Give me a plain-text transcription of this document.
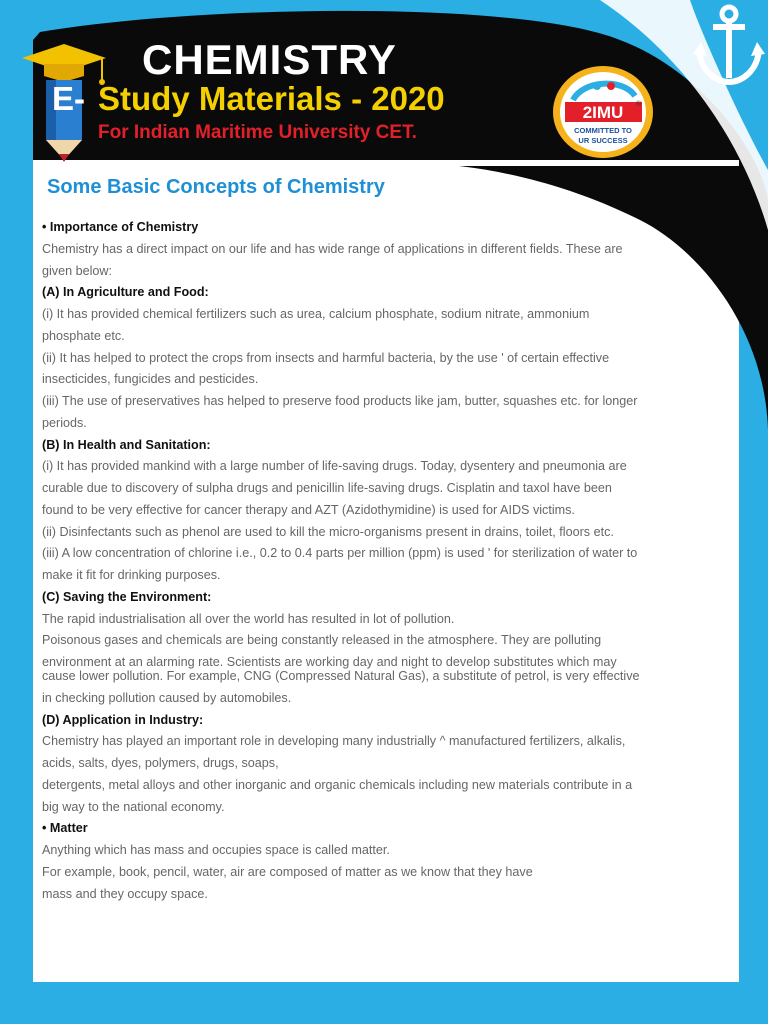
CHEMISTRY
E- Study Materials - 2020
For Indian Maritime University CET.
2IMU ®
COMMITTED TO
UR SUCCESS
Some Basic Concepts of Chemistry
• Importance of Chemistry
Chemistry has a direct impact on our life and has wide range of applications in different fields. These are
given below:
(A) In Agriculture and Food:
(i) It has provided chemical fertilizers such as urea, calcium phosphate, sodium nitrate, ammonium
phosphate etc.
(ii) It has helped to protect the crops from insects and harmful bacteria, by the use ' of certain effective
insecticides, fungicides and pesticides.
(iii) The use of preservatives has helped to preserve food products like jam, butter, squashes etc. for longer
periods.
(B) In Health and Sanitation:
(i) It has provided mankind with a large number of life-saving drugs. Today, dysentery and pneumonia are
curable due to discovery of sulpha drugs and penicillin life-saving drugs. Cisplatin and taxol have been
found to be very effective for cancer therapy and AZT (Azidothymidine) is used for AIDS victims.
(ii) Disinfectants such as phenol are used to kill the micro-organisms present in drains, toilet, floors etc.
(iii) A low concentration of chlorine i.e., 0.2 to 0.4 parts per million (ppm) is used ' for sterilization of water to
make it fit for drinking purposes.
(C) Saving the Environment:
The rapid industrialisation all over the world has resulted in lot of pollution.
Poisonous gases and chemicals are being constantly released in the atmosphere. They are polluting
environment at an alarming rate. Scientists are working day and night to develop substitutes which may
cause lower pollution. For example, CNG (Compressed Natural Gas), a substitute of petrol, is very effective
in checking pollution caused by automobiles.
(D) Application in Industry:
Chemistry has played an important role in developing many industrially ^ manufactured fertilizers, alkalis,
acids, salts, dyes, polymers, drugs, soaps,
detergents, metal alloys and other inorganic and organic chemicals including new materials contribute in a
big way to the national economy.
• Matter
Anything which has mass and occupies space is called matter.
For example, book, pencil, water, air are composed of matter as we know that they have
mass and they occupy space.
